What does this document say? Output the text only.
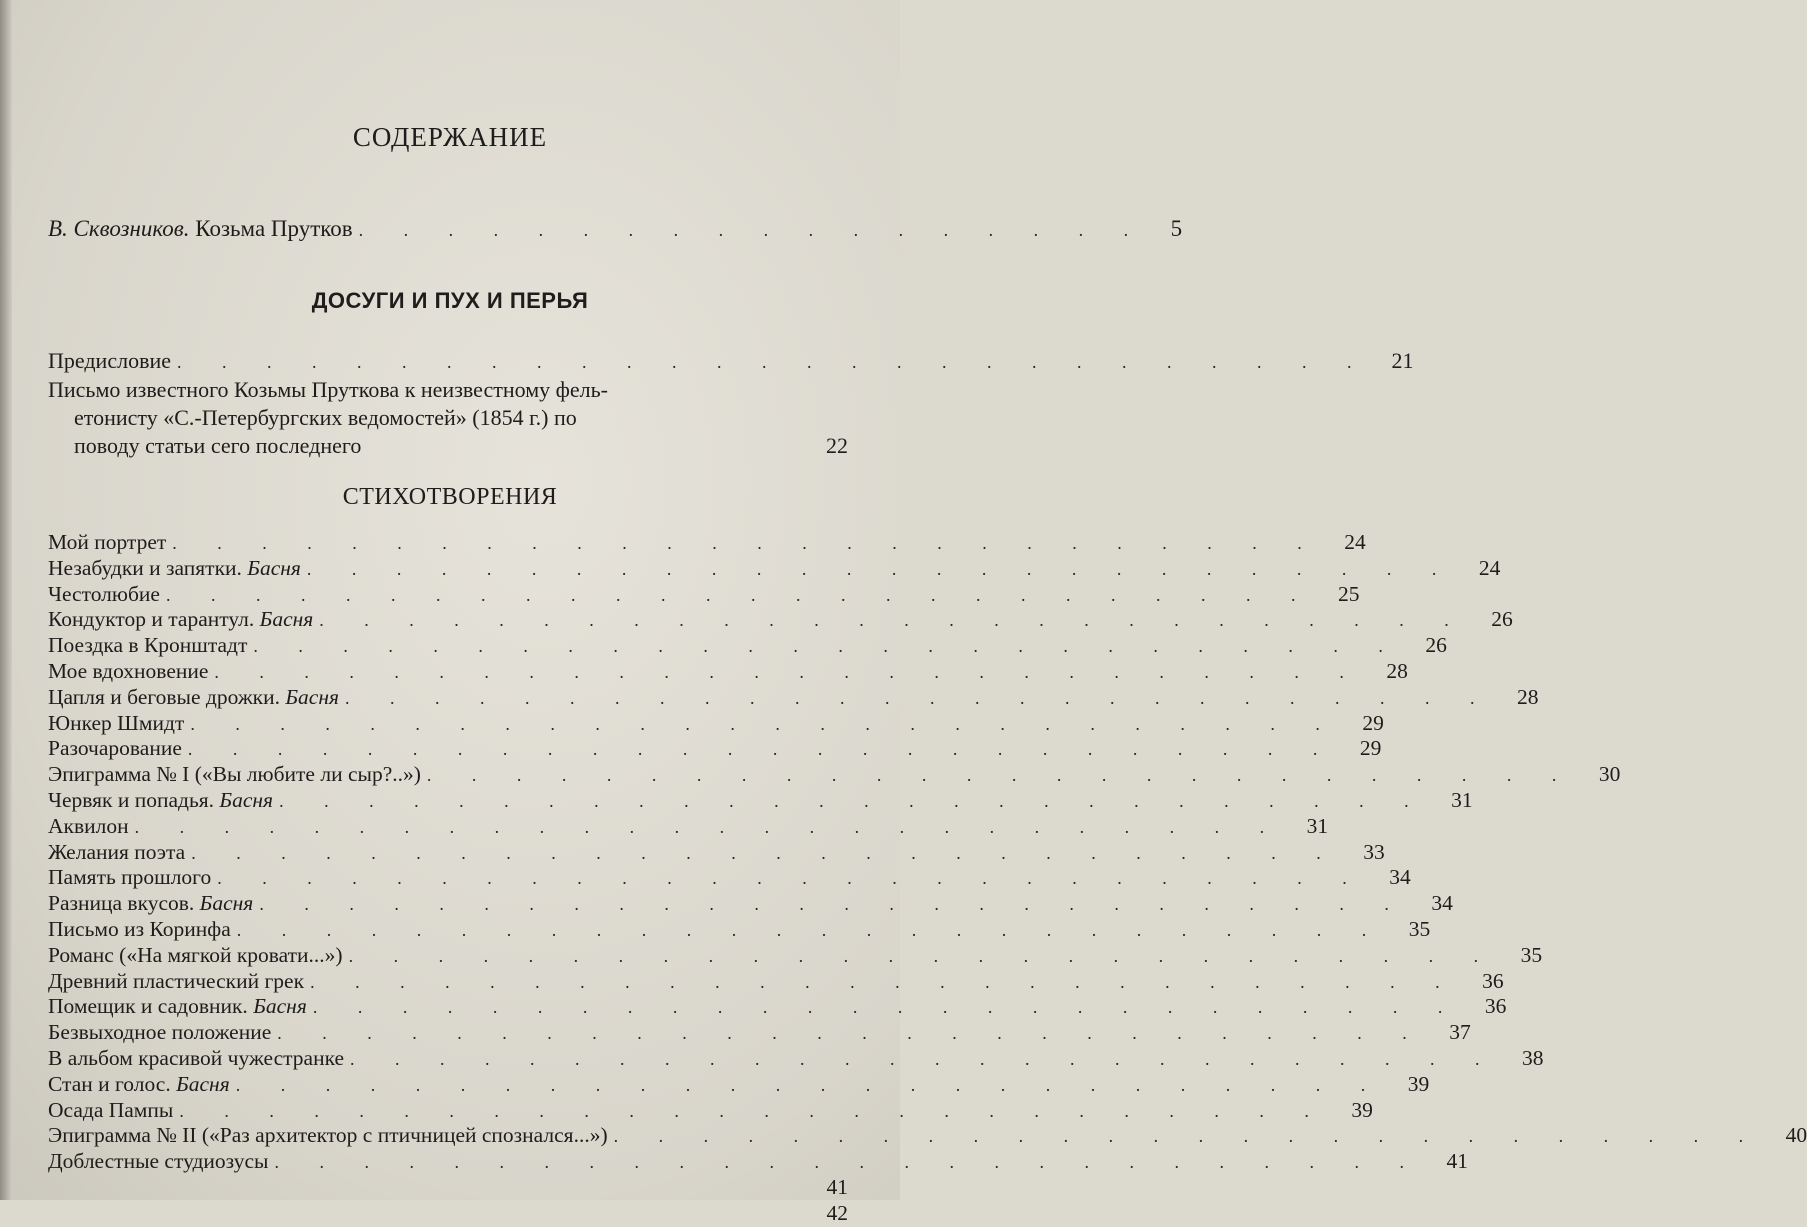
СОДЕРЖАНИЕ
В. Сквозников. Козьма Прутков . . . . . . . . . . . . . . . . . .	5
ДОСУГИ И ПУХ И ПЕРЬЯ
Предисловие . . . . . . . . . . . . . . . . . . . . . . . . . . .	21
Письмо известного Козьмы Пруткова к неизвестному фель-
етонисту «С.-Петербургских ведомостей» (1854 г.) по
поводу статьи сего последнего	22
СТИХОТВОРЕНИЯ
Мой портрет . . . . . . . . . . . . . . . . . . . . . . . . . .	24
Незабудки и запятки. Басня . . . . . . . . . . . . . . . . . . . . . . . . . .	24
Честолюбие . . . . . . . . . . . . . . . . . . . . . . . . . .	25
Кондуктор и тарантул. Басня . . . . . . . . . . . . . . . . . . . . . . . . . .	26
Поездка в Кронштадт . . . . . . . . . . . . . . . . . . . . . . . . . .	26
Мое вдохновение . . . . . . . . . . . . . . . . . . . . . . . . . .	28
Цапля и беговые дрожки. Басня . . . . . . . . . . . . . . . . . . . . . . . . . .	28
Юнкер Шмидт . . . . . . . . . . . . . . . . . . . . . . . . . .	29
Разочарование . . . . . . . . . . . . . . . . . . . . . . . . . .	29
Эпиграмма № I («Вы любите ли сыр?..») . . . . . . . . . . . . . . . . . . . . . . . . . .	30
Червяк и попадья. Басня . . . . . . . . . . . . . . . . . . . . . . . . . .	31
Аквилон . . . . . . . . . . . . . . . . . . . . . . . . . .	31
Желания поэта . . . . . . . . . . . . . . . . . . . . . . . . . .	33
Память прошлого . . . . . . . . . . . . . . . . . . . . . . . . . .	34
Разница вкусов. Басня . . . . . . . . . . . . . . . . . . . . . . . . . .	34
Письмо из Коринфа . . . . . . . . . . . . . . . . . . . . . . . . . .	35
Романс («На мягкой кровати...») . . . . . . . . . . . . . . . . . . . . . . . . . .	35
Древний пластический грек . . . . . . . . . . . . . . . . . . . . . . . . . .	36
Помещик и садовник. Басня . . . . . . . . . . . . . . . . . . . . . . . . . .	36
Безвыходное положение . . . . . . . . . . . . . . . . . . . . . . . . . .	37
В альбом красивой чужестранке . . . . . . . . . . . . . . . . . . . . . . . . . .	38
Стан и голос. Басня . . . . . . . . . . . . . . . . . . . . . . . . . .	39
Осада Пампы . . . . . . . . . . . . . . . . . . . . . . . . . .	39
Эпиграмма № II («Раз архитектор с птичницей спознался...») . . . . . . . . . . . . . . . . . . . . . . . . . .	40
Доблестные студиозусы . . . . . . . . . . . . . . . . . . . . . . . . . .	41
41
42
